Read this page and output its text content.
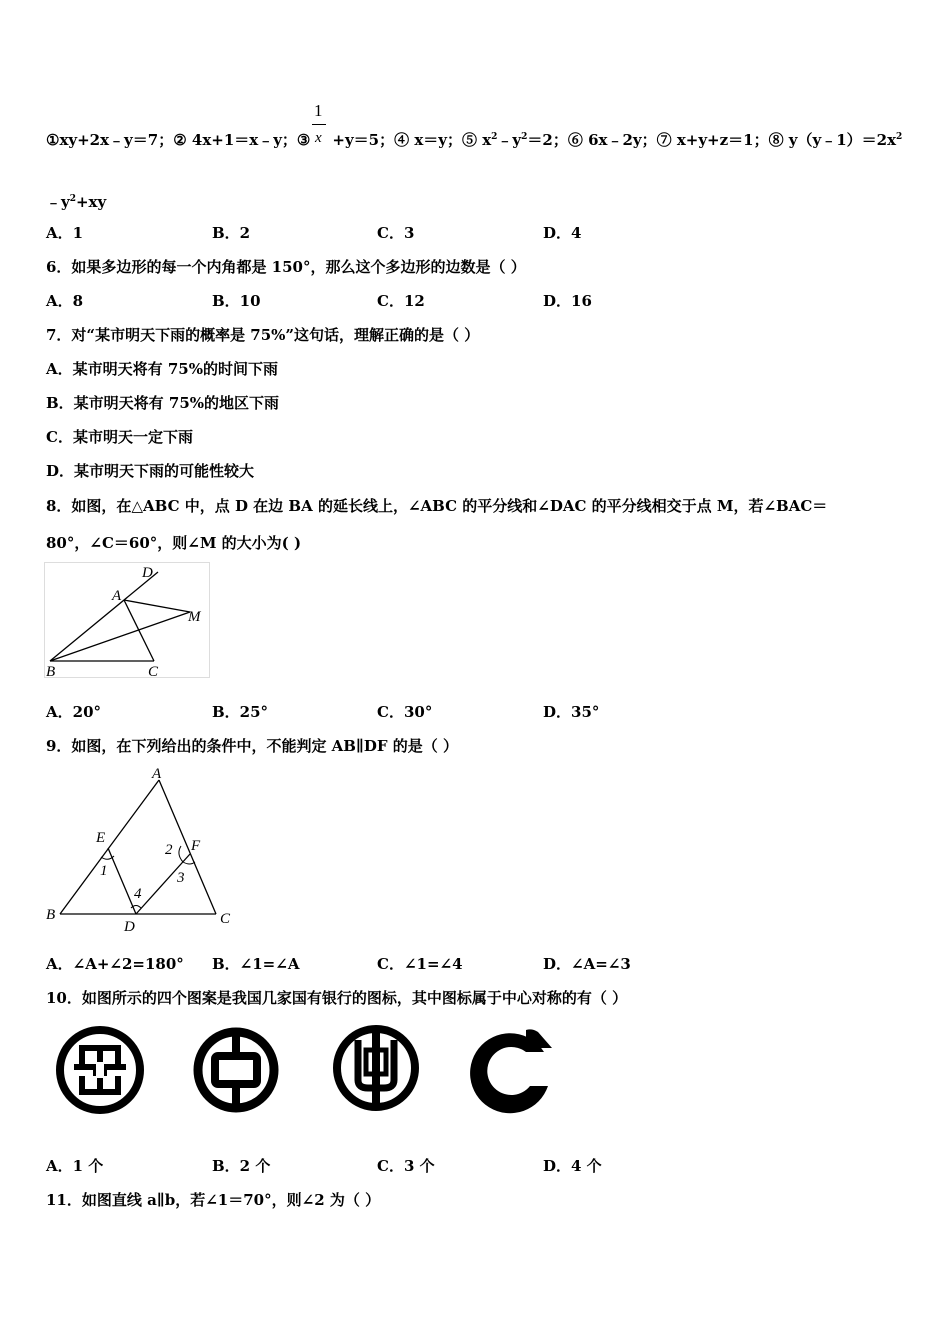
1
x
①xy+2x﹣y＝7；② 4x+1＝x﹣y；③ +y＝5；④ x＝y；⑤ $x^2﹣y^2=2$；⑥ 6x﹣2y；⑦ x+y+z＝1；⑧ $y(y﹣1)=2x^2$
$﹣y^2+xy$
A．1	B．2	C．3	D．4
6．如果多边形的每一个内角都是 150°，那么这个多边形的边数是（ ）
A．8	B．10	C．12	D．16
7．对“某市明天下雨的概率是 75%”这句话，理解正确的是（ ）
A．某市明天将有 75%的时间下雨
B．某市明天将有 75%的地区下雨
C．某市明天一定下雨
D．某市明天下雨的可能性较大
8．如图，在△ABC 中，点 D 在边 BA 的延长线上，∠ABC 的平分线和∠DAC 的平分线相交于点 M，若∠BAC＝
80°，∠C＝60°，则∠M 的大小为( )
D
A
M
B	C
A．20°	B．25°	C．30°	D．35°
9．如图，在下列给出的条件中，不能判定 AB∥DF 的是（ ）
A
E
2 F
1	3
4
B
D	C
A．∠A+∠2=180° B．∠1=∠A	C．∠1=∠4	D．∠A=∠3
10．如图所示的四个图案是我国几家国有银行的图标，其中图标属于中心对称的有（ ）
A．1 个	B．2 个	C．3 个	D．4 个
11．如图直线 a∥b，若∠1＝70°，则∠2 为（ ）
